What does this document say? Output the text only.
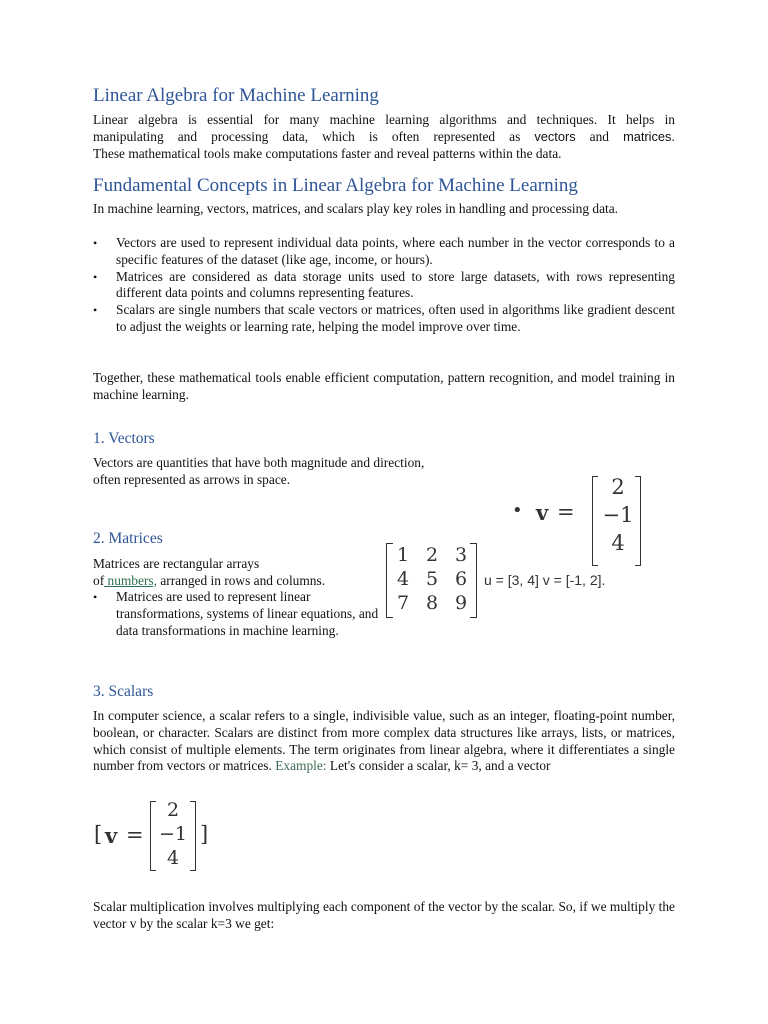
Linear Algebra for Machine Learning
Linear algebra is essential for many machine learning algorithms and techniques. It helps in
manipulating and processing data, which is often represented as vectors and matrices.
These mathematical tools make computations faster and reveal patterns within the data.
Fundamental Concepts in Linear Algebra for Machine Learning
In machine learning, vectors, matrices, and scalars play key roles in handling and processing data.
• Vectors are used to represent individual data points, where each number in the vector corresponds to a specific features of the dataset (like age, income, or hours).
• Matrices are considered as data storage units used to store large datasets, with rows representing different data points and columns representing features.
• Scalars are single numbers that scale vectors or matrices, often used in algorithms like gradient descent to adjust the weights or learning rate, helping the model improve over time.
Together, these mathematical tools enable efficient computation, pattern recognition, and model training in machine learning.
1. Vectors
Vectors are quantities that have both magnitude and direction,
often represented as arrows in space.
• v =
2
−1
4
2. Matrices
Matrices are rectangular arrays
of numbers, arranged in rows and columns.
• Matrices are used to represent linear transformations, systems of linear equations, and data transformations in machine learning.
1 2 3
4 5 6
7 8 9
u = [3, 4] v = [-1, 2].
3. Scalars
In computer science, a scalar refers to a single, indivisible value, such as an integer, floating-point number, boolean, or character. Scalars are distinct from more complex data structures like arrays, lists, or matrices, which consist of multiple elements. The term originates from linear algebra, where it differentiates a single number from vectors or matrices. Example: Let's consider a scalar, k= 3, and a vector
[ v =
2
−1
4
]
Scalar multiplication involves multiplying each component of the vector by the scalar. So, if we multiply the vector v by the scalar k=3 we get:
